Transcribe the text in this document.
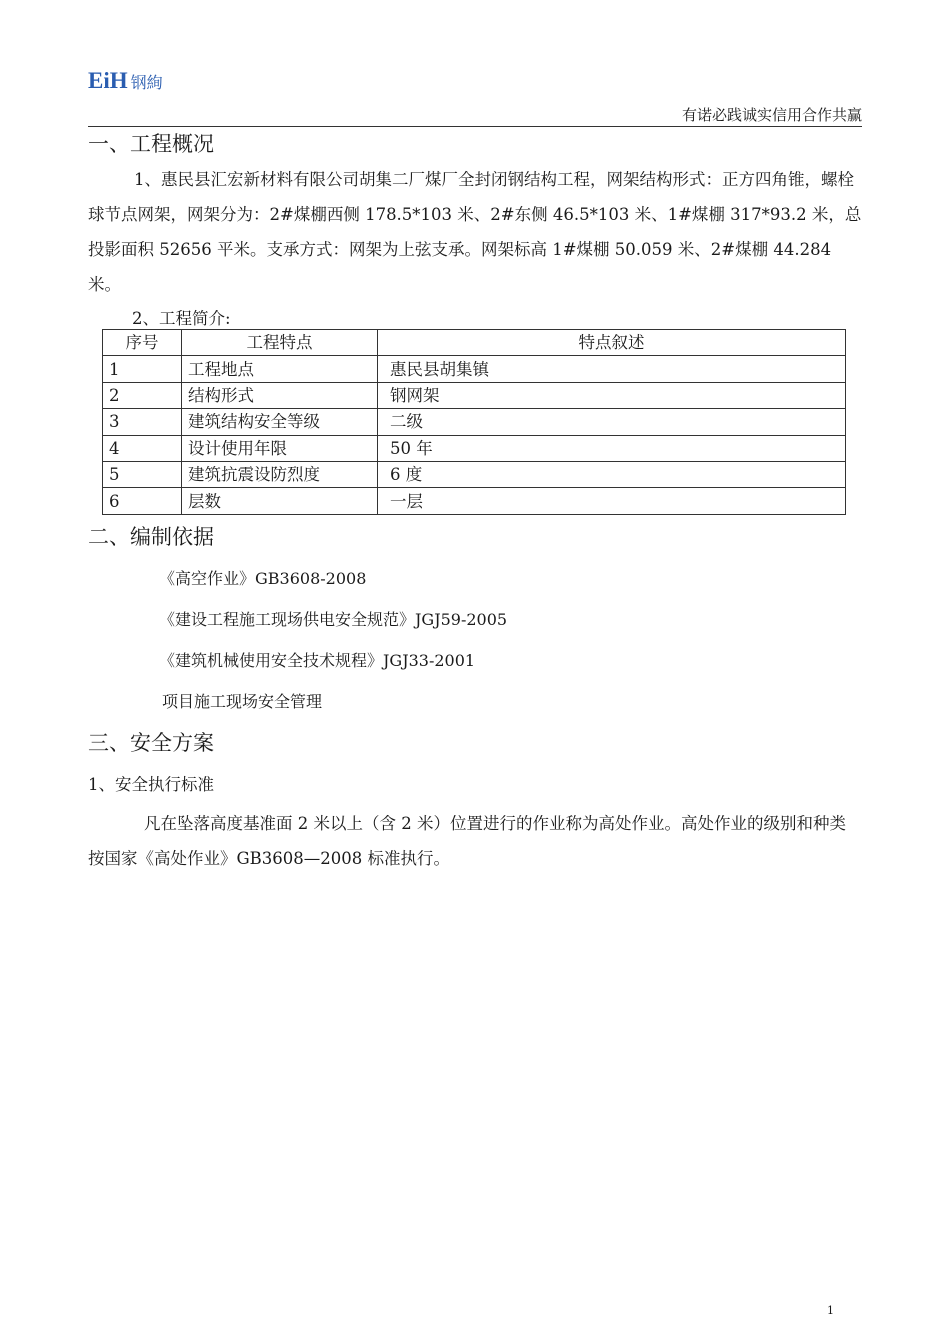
EiH 钢絢
有诺必践诚实信用合作共赢
一、工程概况
1、惠民县汇宏新材料有限公司胡集二厂煤厂全封闭钢结构工程，网架结构形式：正方四角锥，螺栓球节点网架，网架分为：2#煤棚西侧 178.5*103 米、2#东侧 46.5*103 米、1#煤棚 317*93.2 米，总投影面积 52656 平米。支承方式：网架为上弦支承。网架标高 1#煤棚 50.059 米、2#煤棚 44.284 米。
2、工程简介:
序号	工程特点	特点叙述
1	工程地点	惠民县胡集镇
2	结构形式	钢网架
3	建筑结构安全等级	二级
4	设计使用年限	50 年
5	建筑抗震设防烈度	6 度
6	层数	一层
二、编制依据
《高空作业》GB3608-2008
《建设工程施工现场供电安全规范》JGJ59-2005
《建筑机械使用安全技术规程》JGJ33-2001
项目施工现场安全管理
三、安全方案
1、安全执行标准
凡在坠落高度基准面 2 米以上（含 2 米）位置进行的作业称为高处作业。高处作业的级别和种类按国家《高处作业》GB3608—2008 标准执行。
1
